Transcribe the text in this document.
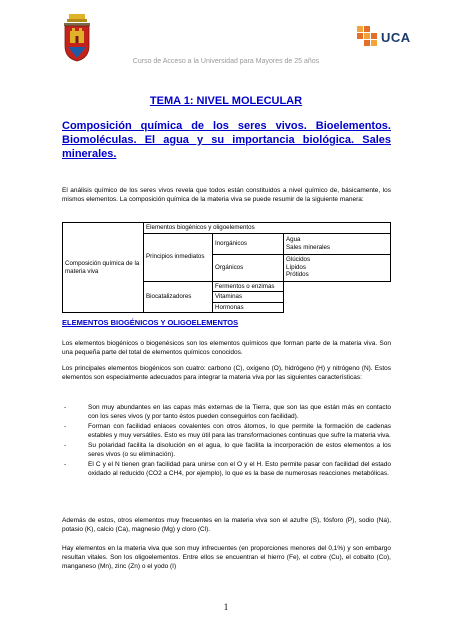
UCA
Curso de Acceso a la Universidad para Mayores de 25 años
TEMA 1: NIVEL MOLECULAR
Composición química de los seres vivos. Bioelementos. Biomoléculas. El agua y su importancia biológica. Sales minerales.
El análisis químico de los seres vivos revela que todos están constituidos a nivel químico de, básicamente, los mismos elementos. La composición química de la materia viva se puede resumir de la siguiente manera:
Composición química de la materia viva	Elementos biogénicos y oligoelementos		
	Principios inmediatos	Inorgánicos	Agua
Sales minerales

		Orgánicos	Glúcidos
Lípidos
Prótidos

	Biocatalizadores	Fermentos o enzimas	
		Vitaminas	
		Hormonas	
ELEMENTOS BIOGÉNICOS Y OLIGOELEMENTOS
Los elementos biogénicos o biogenésicos son los elementos químicos que forman parte de la materia viva. Son una pequeña parte del total de elementos químicos conocidos.
Los principales elementos biogénicos son cuatro: carbono (C), oxígeno (O), hidrógeno (H) y nitrógeno (N). Estos elementos son especialmente adecuados para integrar la materia viva por las siguientes características:
-	Son muy abundantes en las capas más externas de la Tierra, que son las que están más en contacto con los seres vivos (y por tanto éstos pueden conseguirlos con facilidad).
-	Forman con facilidad enlaces covalentes con otros átomos, lo que permite la formación de cadenas estables y muy versátiles. Esto es muy útil para las transformaciones continuas que sufre la materia viva.
-	Su polaridad facilita la disolución en el agua, lo que facilita la incorporación de estos elementos a los seres vivos (o su eliminación).
-	El C y el N tienen gran facilidad para unirse con el O y el H. Esto permite pasar con facilidad del estado oxidado al reducido (CO2 a CH4, por ejemplo), lo que es la base de numerosas reacciones metabólicas.
Además de estos, otros elementos muy frecuentes en la materia viva son el azufre (S), fósforo (P), sodio (Na), potasio (K), calcio (Ca), magnesio (Mg) y cloro (Cl).
Hay elementos en la materia viva que son muy infrecuentes (en proporciones menores del 0,1%) y son embargo resultan vitales. Son los oligoelementos. Entre ellos se encuentran el hierro (Fe), el cobre (Cu), el cobalto (Co), manganeso (Mn), zinc (Zn) o el yodo (I)
1
